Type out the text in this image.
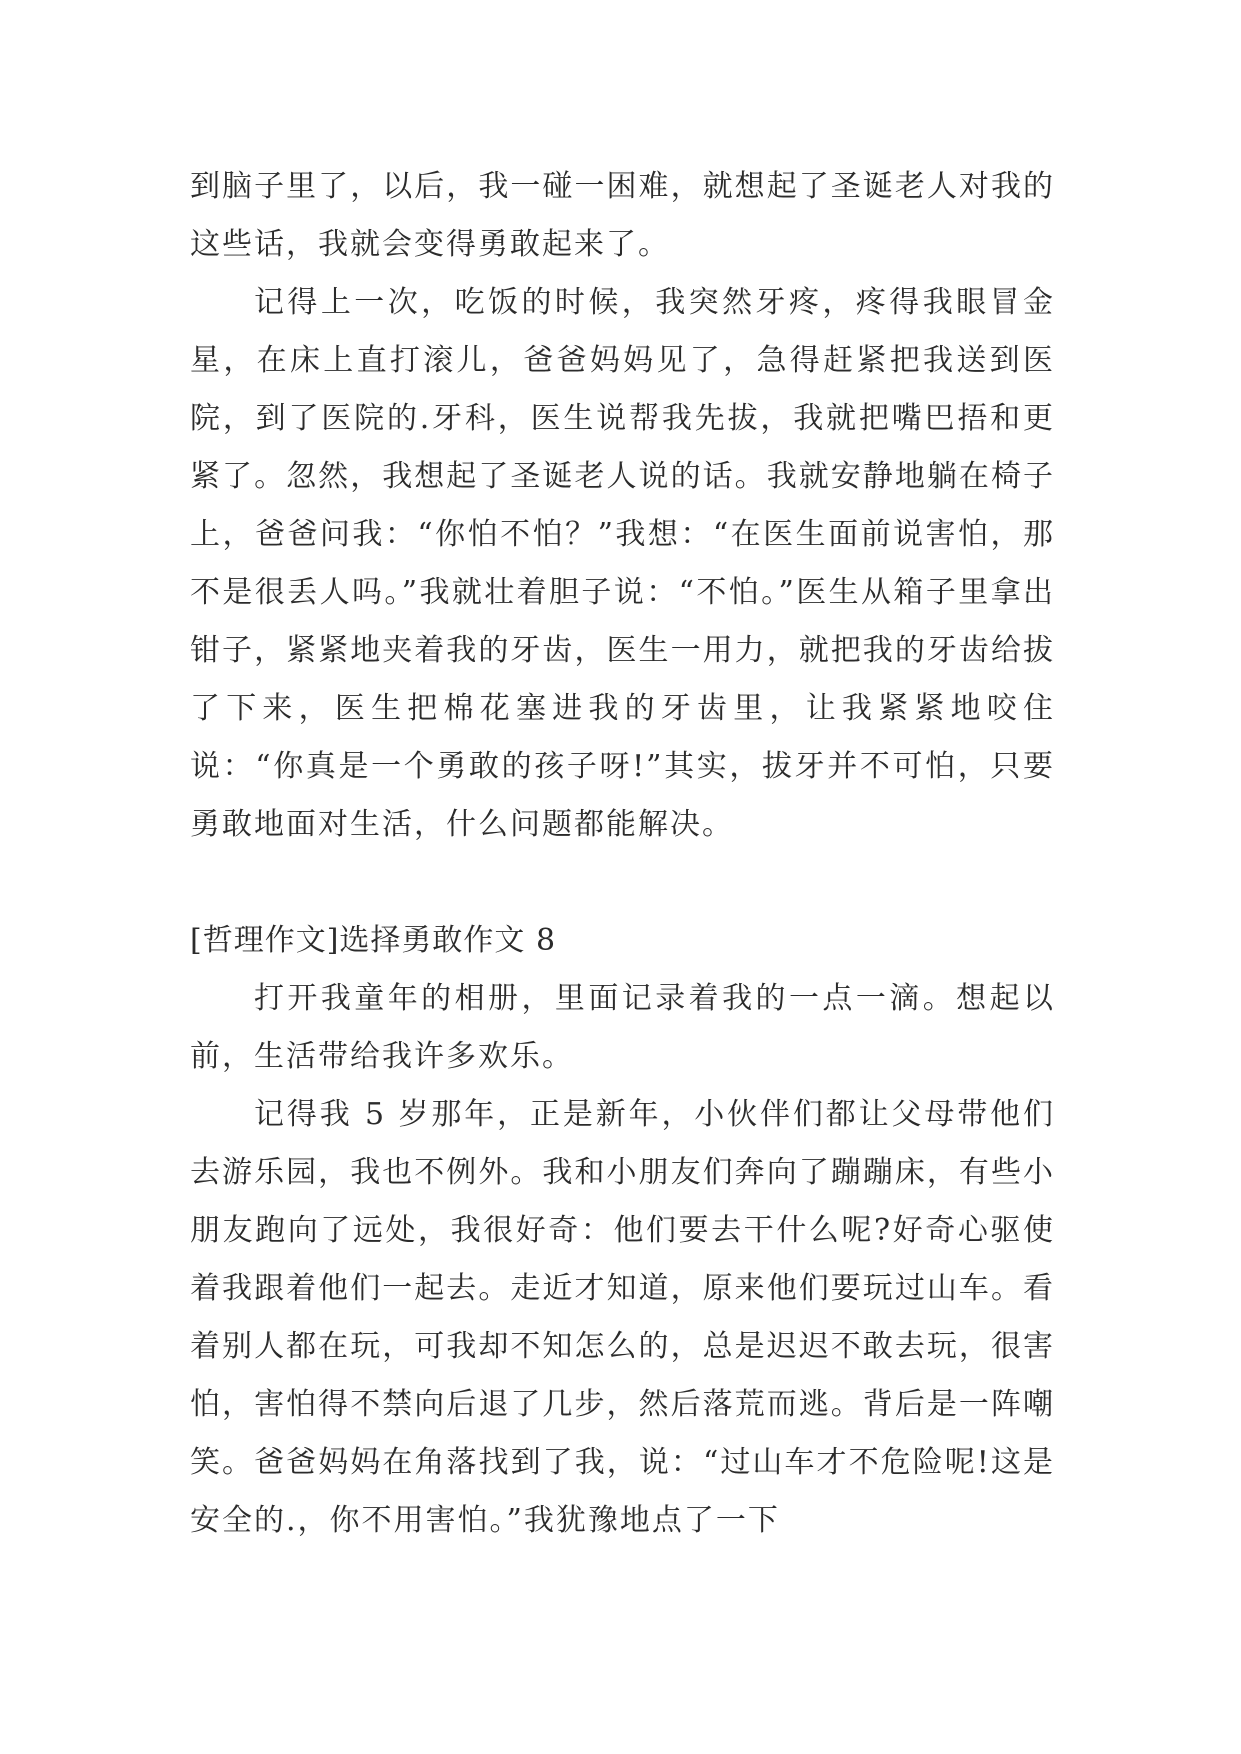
到脑子里了，以后，我一碰一困难，就想起了圣诞老人对我的这些话，我就会变得勇敢起来了。

记得上一次，吃饭的时候，我突然牙疼，疼得我眼冒金星，在床上直打滚儿，爸爸妈妈见了，急得赶紧把我送到医院，到了医院的.牙科，医生说帮我先拔，我就把嘴巴捂和更紧了。忽然，我想起了圣诞老人说的话。我就安静地躺在椅子上，爸爸问我：“你怕不怕？”我想：“在医生面前说害怕，那不是很丢人吗。”我就壮着胆子说：“不怕。”医生从箱子里拿出钳子，紧紧地夹着我的牙齿，医生一用力，就把我的牙齿给拔了下来，医生把棉花塞进我的牙齿里，让我紧紧地咬住说：“你真是一个勇敢的孩子呀!”其实，拔牙并不可怕，只要勇敢地面对生活，什么问题都能解决。

[哲理作文]选择勇敢作文 8

打开我童年的相册，里面记录着我的一点一滴。想起以前，生活带给我许多欢乐。

记得我 5 岁那年，正是新年，小伙伴们都让父母带他们去游乐园，我也不例外。我和小朋友们奔向了蹦蹦床，有些小朋友跑向了远处，我很好奇：他们要去干什么呢?好奇心驱使着我跟着他们一起去。走近才知道，原来他们要玩过山车。看着别人都在玩，可我却不知怎么的，总是迟迟不敢去玩，很害怕，害怕得不禁向后退了几步，然后落荒而逃。背后是一阵嘲笑。爸爸妈妈在角落找到了我，说：“过山车才不危险呢!这是安全的.，你不用害怕。”我犹豫地点了一下
